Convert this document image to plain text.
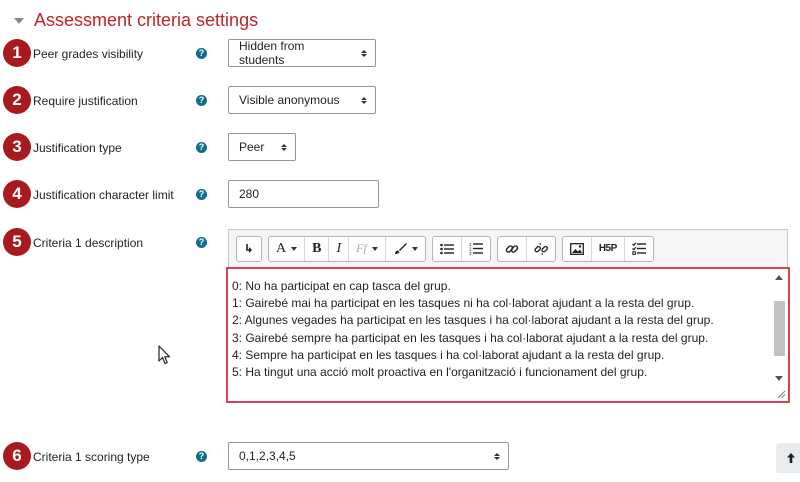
Assessment criteria settings
1 Peer grades visibility	?	Hidden from students
2 Require justification	?	Visible anonymous
3 Justification type	?	Peer
4 Justification character limit	?	280
5 Criteria 1 description	?	A	B	I	Ff	1
2
3	H5P
0: No ha participat en cap tasca del grup.
1: Gairebé mai ha participat en les tasques ni ha col·laborat ajudant a la resta del grup.
2: Algunes vegades ha participat en les tasques i ha col·laborat ajudant a la resta del grup.
3: Gairebé sempre ha participat en les tasques i ha col·laborat ajudant a la resta del grup.
4: Sempre ha participat en les tasques i ha col·laborat ajudant a la resta del grup.
5: Ha tingut una acció molt proactiva en l'organització i funcionament del grup.
6 Criteria 1 scoring type	?	0,1,2,3,4,5
